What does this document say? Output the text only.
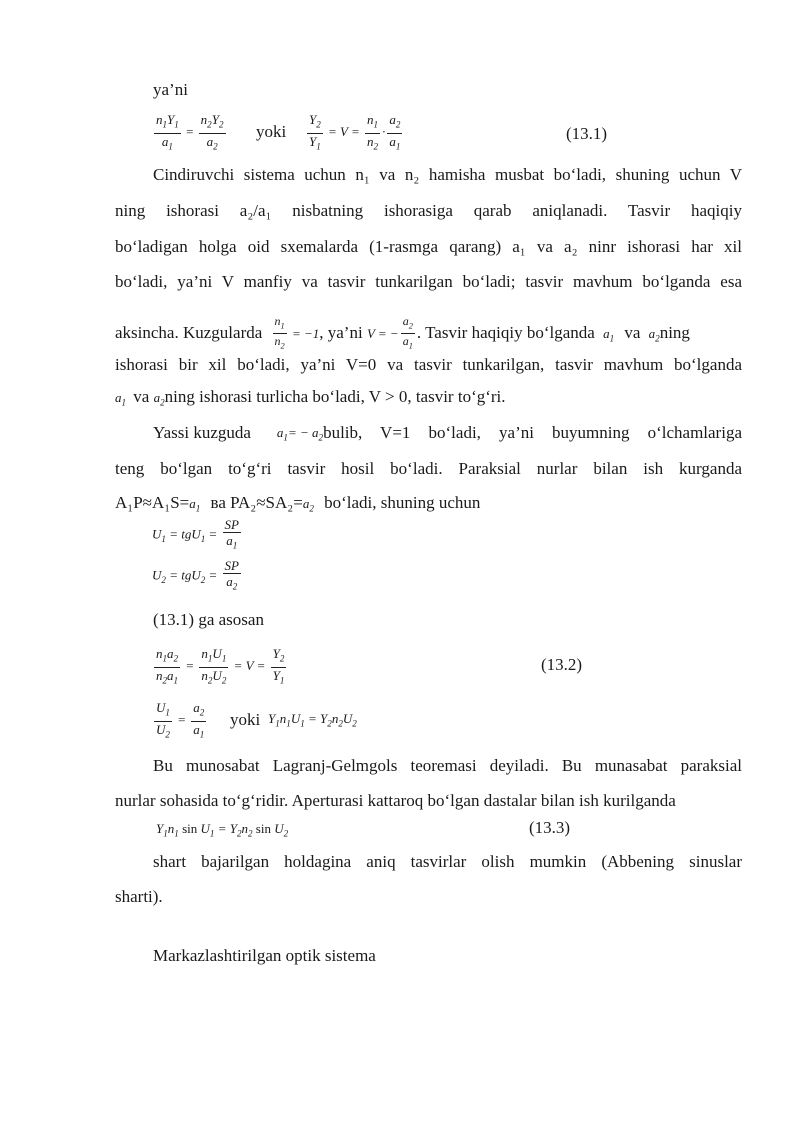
ya’ni
$\frac{n_1Y_1}{a_1} = \frac{n_2Y_2}{a_2}$ yoki $\frac{Y_2}{Y_1} = V = \frac{n_1}{n_2} \cdot \frac{a_2}{a_1}$	(13.1)
Cindiruvchi sistema uchun n₁ va n₂ hamisha musbat bo‘ladi, shuning uchun V
ning ishorasi a₂/a₁ nisbatning ishorasiga qarab aniqlanadi. Tasvir haqiqiy
bo‘ladigan holga oid sxemalarda (1-rasmga qarang) a₁ va a₂ ninr ishorasi har xil
bo‘ladi, ya’ni V manfiy va tasvir tunkarilgan bo‘ladi; tasvir mavhum bo‘lganda esa
aksincha. Kuzgularda $\frac{n_1}{n_2} = -1$, ya’ni V = − $\frac{a_2}{a_1}$ . Tasvir haqiqiy bo‘lganda $a_1$ va $a_2ning$
ishorasi bir xil bo‘ladi, ya’ni V=0 va tasvir tunkarilgan, tasvir mavhum bo‘lganda
$a_1$ va $a_2ning$ ishorasi turlicha bo‘ladi, V > 0, tasvir to‘g‘ri.
Yassi kuzguda $a_1= - a_2$ bulib, V=1 bo‘ladi, ya’ni buyumning o‘lchamlariga
teng bo‘lgan to‘g‘ri tasvir hosil bo‘ladi. Paraksial nurlar bilan ish kurganda
$A_1P\approx A_1S=a_1$ ва $PA_2\approx SA_2=a_2$ bo‘ladi, shuning uchun
$U_1 = tgU_1 = \frac{SP}{a_1}$
$U_2 = tgU_2 = \frac{SP}{a_2}$
(13.1) ga asosan
$\frac{n_1a_2}{n_2a_1} = \frac{n_1U_1}{n_2U_2} = V = \frac{Y_2}{Y_1}$	(13.2)
$\frac{U_1}{U_2} = \frac{a_2}{a_1}$ yoki $Y_1n_1U_1 = Y_2n_2U_2$
Bu munosabat Lagranj-Gelmgols teoremasi deyiladi. Bu munasabat paraksial
nurlar sohasida to‘g‘ridir. Aperturasi kattaroq bo‘lgan dastalar bilan ish kurilganda
$Y_1n_1$ $\sin U_1 = Y_2n_2$ $\sin U_2$	(13.3)
shart bajarilgan holdagina aniq tasvirlar olish mumkin (Abbening sinuslar
sharti).
Markazlashtirilgan optik sistema
